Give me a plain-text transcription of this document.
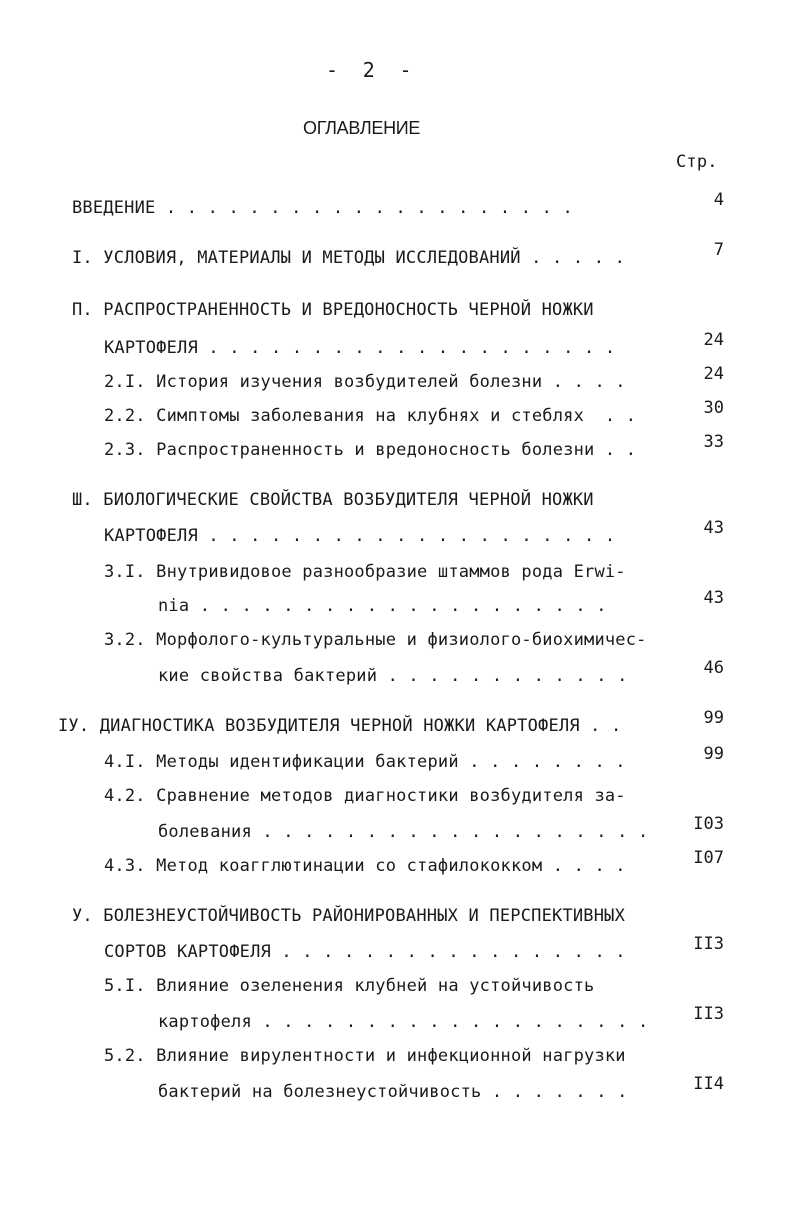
-  2  -
ОГЛАВЛЕНИЕ
Стр.
ВВЕДЕНИЕ . . . . . . . . . . . . . . . . . . . .	4
I. УСЛОВИЯ, МАТЕРИАЛЫ И МЕТОДЫ ИССЛЕДОВАНИЙ . . . . .	7
П. РАСПРОСТРАНЕННОСТЬ И ВРЕДОНОСНОСТЬ ЧЕРНОЙ НОЖКИ
КАРТОФЕЛЯ . . . . . . . . . . . . . . . . . . . .	24
2.I. История изучения возбудителей болезни . . . .	24
2.2. Симптомы заболевания на клубнях и стеблях  . .	30
2.3. Распространенность и вредоносность болезни . .	33
Ш. БИОЛОГИЧЕСКИЕ СВОЙСТВА ВОЗБУДИТЕЛЯ ЧЕРНОЙ НОЖКИ
КАРТОФЕЛЯ . . . . . . . . . . . . . . . . . . . .	43
3.I. Внутривидовое разнообразие штаммов рода Erwi-
nia . . . . . . . . . . . . . . . . . . . .	43
3.2. Морфолого-культуральные и физиолого-биохимичес-
кие свойства бактерий . . . . . . . . . . . .	46
IУ. ДИАГНОСТИКА ВОЗБУДИТЕЛЯ ЧЕРНОЙ НОЖКИ КАРТОФЕЛЯ . .	99
4.I. Методы идентификации бактерий . . . . . . . .	99
4.2. Сравнение методов диагностики возбудителя за-
болевания . . . . . . . . . . . . . . . . . . .	I03
4.3. Метод коагглютинации со стафилококком . . . .	I07
У. БОЛЕЗНЕУСТОЙЧИВОСТЬ РАЙОНИРОВАННЫХ И ПЕРСПЕКТИВНЫХ
СОРТОВ КАРТОФЕЛЯ . . . . . . . . . . . . . . . . .	II3
5.I. Влияние озеленения клубней на устойчивость
картофеля . . . . . . . . . . . . . . . . . . .	II3
5.2. Влияние вирулентности и инфекционной нагрузки
бактерий на болезнеустойчивость . . . . . . .	II4
